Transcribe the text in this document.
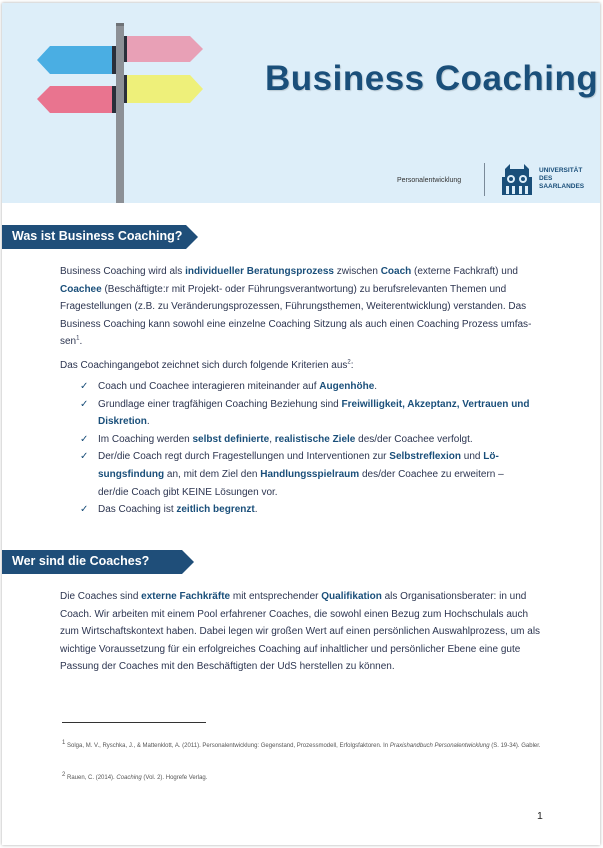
Business Coaching
Personalentwicklung
UNIVERSITÄT
DES
SAARLANDES
Was ist Business Coaching?
Business Coaching wird als individueller Beratungsprozess zwischen Coach (externe Fachkraft) und Coachee (Beschäftigte:r mit Projekt- oder Führungsverantwortung) zu berufsrelevanten Themen und Fragestellungen (z.B. zu Veränderungsprozessen, Führungsthemen, Weiterentwicklung) verstanden. Das Business Coaching kann sowohl eine einzelne Coaching Sitzung als auch einen Coaching Prozess umfassen$^1$.
Das Coachingangebot zeichnet sich durch folgende Kriterien aus$^2$:
✓ Coach und Coachee interagieren miteinander auf Augenhöhe.
✓ Grundlage einer tragfähigen Coaching Beziehung sind Freiwilligkeit, Akzeptanz, Vertrauen und Diskretion.
✓ Im Coaching werden selbst definierte, realistische Ziele des/der Coachee verfolgt.
✓ Der/die Coach regt durch Fragestellungen und Interventionen zur Selbstreflexion und Lösungsfindung an, mit dem Ziel den Handlungsspielraum des/der Coachee zu erweitern – der/die Coach gibt KEINE Lösungen vor.
✓ Das Coaching ist zeitlich begrenzt.
Wer sind die Coaches?
Die Coaches sind externe Fachkräfte mit entsprechender Qualifikation als Organisationsberater: in und Coach. Wir arbeiten mit einem Pool erfahrener Coaches, die sowohl einen Bezug zum Hochschulals auch zum Wirtschaftskontext haben. Dabei legen wir großen Wert auf einen persönlichen Auswahlprozess, um als wichtige Voraussetzung für ein erfolgreiches Coaching auf inhaltlicher und persönlicher Ebene eine gute Passung der Coaches mit den Beschäftigten der UdS herstellen zu können.
$^1$ Solga, M. V., Ryschka, J., & Mattenklott, A. (2011). Personalentwicklung: Gegenstand, Prozessmodell, Erfolgsfaktoren. In Praxishandbuch Personalentwicklung (S. 19-34). Gabler.
$^2$ Rauen, C. (2014). Coaching (Vol. 2). Hogrefe Verlag.
1
